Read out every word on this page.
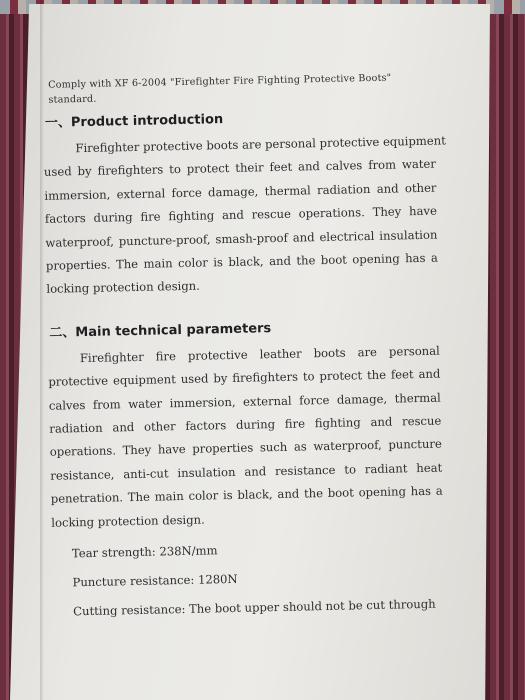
Comply with XF 6-2004 "Firefighter Fire Fighting Protective Boots"
standard.
一、Product introduction
Firefighter protective boots are personal protective equipment
used by firefighters to protect their feet and calves from water
immersion, external force damage, thermal radiation and other
factors during fire fighting and rescue operations. They have
waterproof, puncture-proof, smash-proof and electrical insulation
properties. The main color is black, and the boot opening has a
locking protection design.
二、Main technical parameters
Firefighter fire protective leather boots are personal
protective equipment used by firefighters to protect the feet and
calves from water immersion, external force damage, thermal
radiation and other factors during fire fighting and rescue
operations. They have properties such as waterproof, puncture
resistance, anti-cut insulation and resistance to radiant heat
penetration. The main color is black, and the boot opening has a
locking protection design.
Tear strength: 238N/mm
Puncture resistance: 1280N
Cutting resistance: The boot upper should not be cut through
